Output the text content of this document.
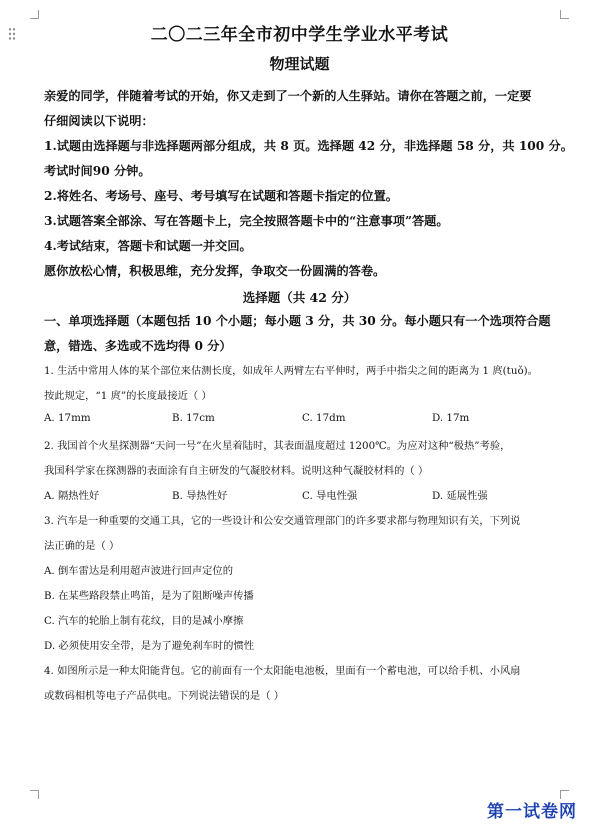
二〇二三年全市初中学生学业水平考试
物理试题
亲爱的同学，伴随着考试的开始，你又走到了一个新的人生驿站。请你在答题之前，一定要
仔细阅读以下说明：
1.试题由选择题与非选择题两部分组成，共 8 页。选择题 42 分，非选择题 58 分，共 100 分。
考试时间90 分钟。
2.将姓名、考场号、座号、考号填写在试题和答题卡指定的位置。
3.试题答案全部涂、写在答题卡上，完全按照答题卡中的“注意事项”答题。
4.考试结束，答题卡和试题一并交回。
愿你放松心情，积极思维，充分发挥，争取交一份圆满的答卷。
选择题（共 42 分）
一、单项选择题（本题包括 10 个小题；每小题 3 分，共 30 分。每小题只有一个选项符合题
意，错选、多选或不选均得 0 分）
1. 生活中常用人体的某个部位来估测长度，如成年人两臂左右平伸时，两手中指尖之间的距离为 1 庹(tuǒ)。
按此规定，“1 庹”的长度最接近（ ）
A. 17mm	B. 17cm	C. 17dm	D. 17m
2. 我国首个火星探测器“天问一号”在火星着陆时，其表面温度超过 1200℃。为应对这种“极热”考验，
我国科学家在探测器的表面涂有自主研发的气凝胶材料。说明这种气凝胶材料的（ ）
A. 隔热性好	B. 导热性好	C. 导电性强	D. 延展性强
3. 汽车是一种重要的交通工具，它的一些设计和公安交通管理部门的许多要求都与物理知识有关，下列说
法正确的是（ ）
A. 倒车雷达是利用超声波进行回声定位的
B. 在某些路段禁止鸣笛，是为了阻断噪声传播
C. 汽车的轮胎上制有花纹，目的是减小摩擦
D. 必须使用安全带，是为了避免刹车时的惯性
4. 如图所示是一种太阳能背包。它的前面有一个太阳能电池板，里面有一个蓄电池，可以给手机、小风扇
或数码相机等电子产品供电。下列说法错误的是（ ）
第一试卷网
